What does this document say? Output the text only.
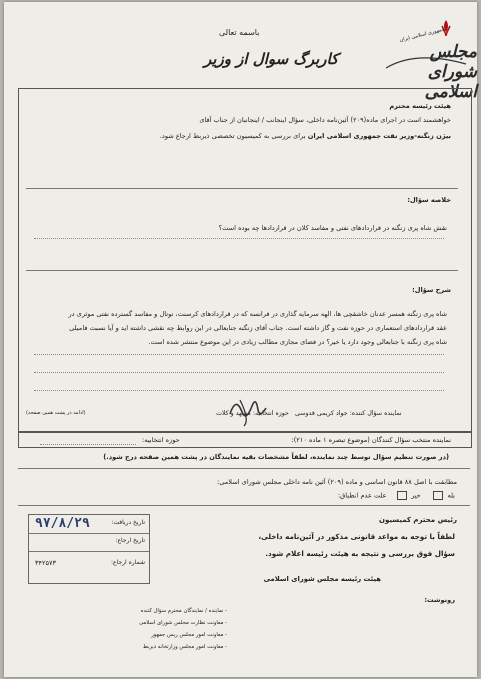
باسمه تعالی
کاربرگ سوال از وزیر	مجلس شورای اسلامی
جمهوری اسلامی ایران
هیئت رئیسه محترم
خواهشمند است در اجرای ماده(۲۰۹) آئین‌نامه داخلی، سؤال اینجانب / اینجانبان از جناب آقای
بیژن زنگنه-وزیر نفت جمهوری اسلامی ایران برای بررسی به کمیسیون تخصصی ذیربط ارجاع شود.
خلاصه سؤال:
نقش شاه پری زنگنه در قراردادهای نفتی و مفاسد کلان در قراردادها چه بوده است؟
شرح سؤال:
شاه پری زنگنه همسر عدنان خاشقچی ها، الهه سرمایه گذاری در فرانسه که در قراردادهای کرسنت، توتال و مفاسد گسترده نفتی موثری در
عقد قراردادهای استعماری در حوزه نفت و گاز داشته است. جناب آقای زنگنه جنابعالی در این روابط چه نقشی داشته اید و آیا نسبت فامیلی
شاه پری زنگنه با جنابعالی وجود دارد یا خیر؟ در فضای مجازی مطالب زیادی در این موضوع منتشر شده است.
(ادامه در پشت همین صفحه)	نماینده سؤال کننده: جواد کریمی قدوسی   حوزه انتخابیه: مشهد و کلات
نماینده منتخب سؤال کنندگان (موضوع تبصره ۱ ماده ۲۱۰):
حوزه انتخابیه:
(در صورت تنظیم سؤال توسط چند نماینده، لطفاً مشخصات بقیه نمایندگان در پشت همین صفحه درج شود.)
مطابقت با اصل ۸۸ قانون اساسی و ماده (۲۰۹) آئین نامه داخلی مجلس شورای اسلامی:
بله      خیر     علت عدم انطباق:
رئیس محترم کمیسیون
لطفاً با توجه به مواعد قانونی مذکور در آئین‌نامه داخلی،
سؤال فوق بررسی و نتیجه به هیئت رئیسه اعلام شود.
هیئت رئیسه مجلس شورای اسلامی
تاریخ دریافت:
۹۷/۸/۲۹
تاریخ ارجاع:
شماره ارجاع:
۳۴۲۵۷۳
رونوشت:
- نماینده / نمایندگان محترم سؤال کننده
- معاونت نظارت مجلس شورای اسلامی
- معاونت امور مجلس ریس جمهور
- معاونت امور مجلس وزارتخانه ذیربط
